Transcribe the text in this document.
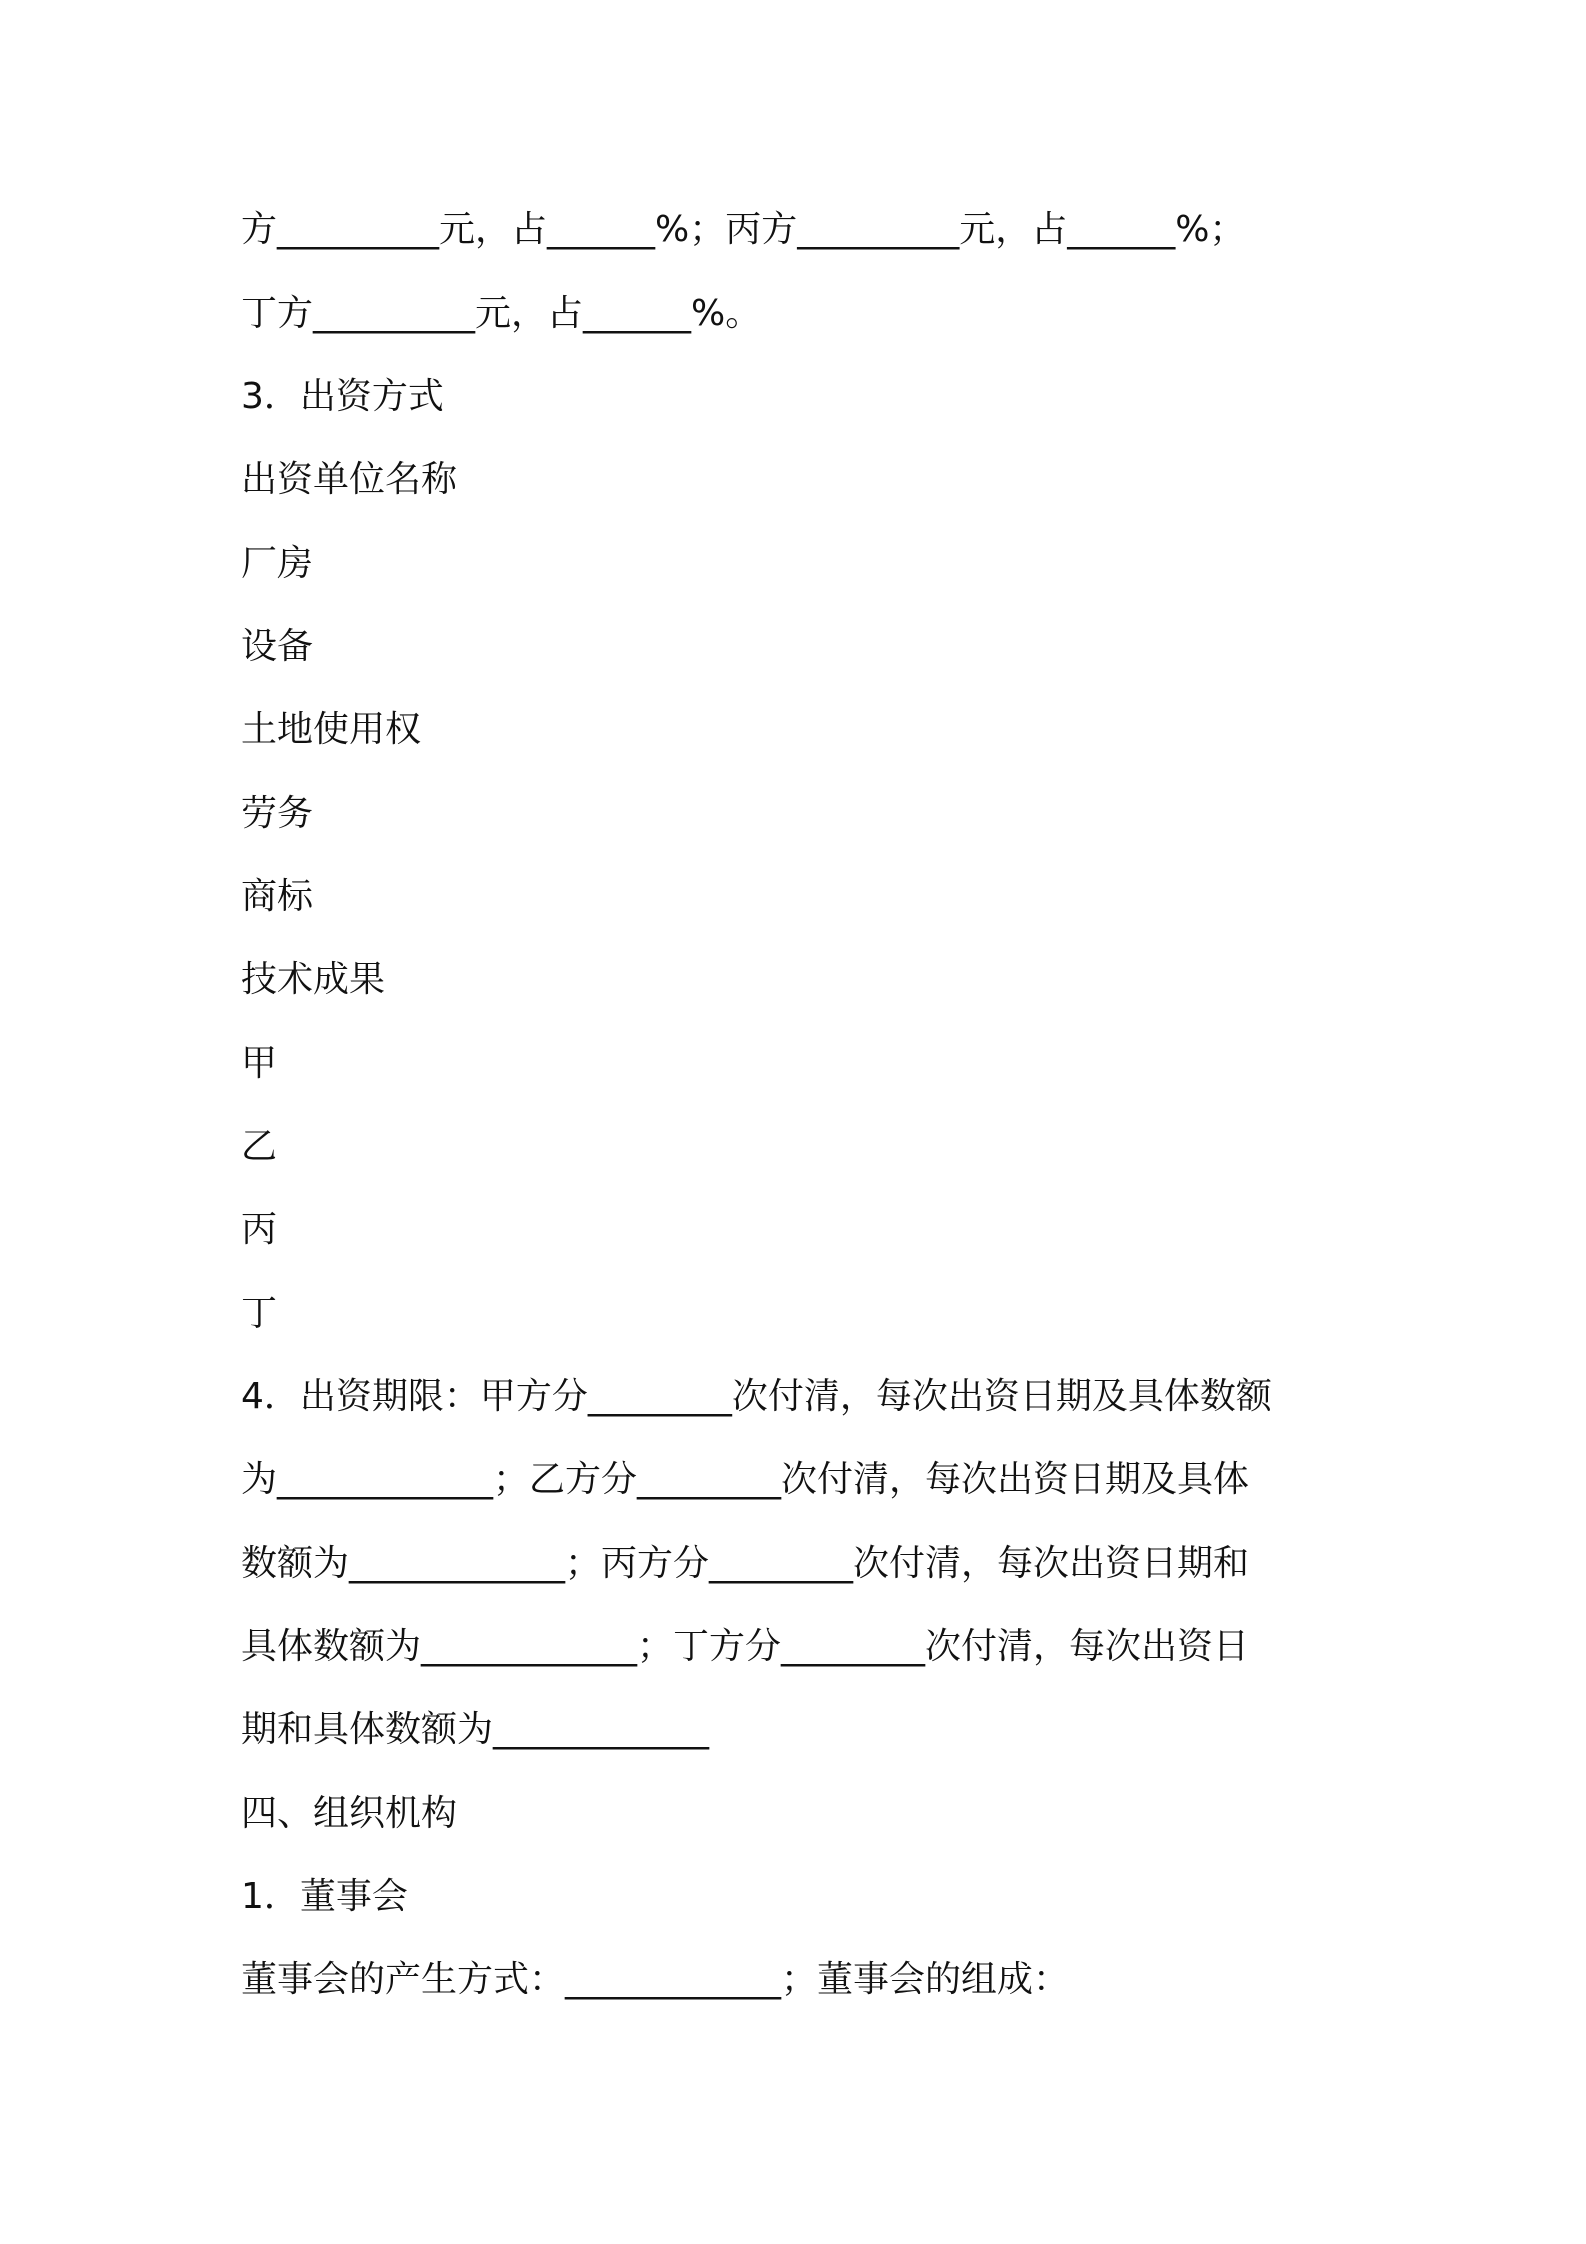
方_________元，占______%；丙方_________元，占______%；
丁方_________元，占______%。
3．出资方式
出资单位名称
厂房
设备
土地使用权
劳务
商标
技术成果
甲
乙
丙
丁
4．出资期限：甲方分________次付清，每次出资日期及具体数额
为____________；乙方分________次付清，每次出资日期及具体
数额为____________；丙方分________次付清，每次出资日期和
具体数额为____________；丁方分________次付清，每次出资日
期和具体数额为____________
四、组织机构
1．董事会
董事会的产生方式：____________；董事会的组成：
